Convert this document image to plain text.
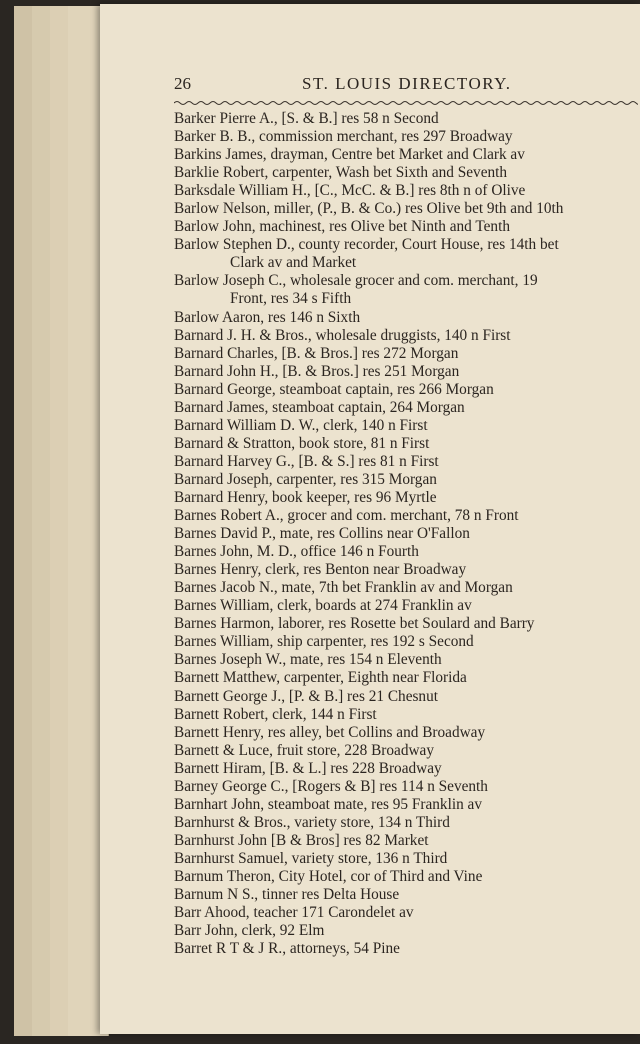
26	ST. LOUIS DIRECTORY.
Barker Pierre A., [S. & B.] res 58 n Second
Barker B. B., commission merchant, res 297 Broadway
Barkins James, drayman, Centre bet Market and Clark av
Barklie Robert, carpenter, Wash bet Sixth and Seventh
Barksdale William H., [C., McC. & B.] res 8th n of Olive
Barlow Nelson, miller, (P., B. & Co.) res Olive bet 9th and 10th
Barlow John, machinest, res Olive bet Ninth and Tenth
Barlow Stephen D., county recorder, Court House, res 14th bet
Clark av and Market
Barlow Joseph C., wholesale grocer and com. merchant, 19
Front, res 34 s Fifth
Barlow Aaron, res 146 n Sixth
Barnard J. H. & Bros., wholesale druggists, 140 n First
Barnard Charles, [B. & Bros.] res 272 Morgan
Barnard John H., [B. & Bros.] res 251 Morgan
Barnard George, steamboat captain, res 266 Morgan
Barnard James, steamboat captain, 264 Morgan
Barnard William D. W., clerk, 140 n First
Barnard & Stratton, book store, 81 n First
Barnard Harvey G., [B. & S.] res 81 n First
Barnard Joseph, carpenter, res 315 Morgan
Barnard Henry, book keeper, res 96 Myrtle
Barnes Robert A., grocer and com. merchant, 78 n Front
Barnes David P., mate, res Collins near O'Fallon
Barnes John, M. D., office 146 n Fourth
Barnes Henry, clerk, res Benton near Broadway
Barnes Jacob N., mate, 7th bet Franklin av and Morgan
Barnes William, clerk, boards at 274 Franklin av
Barnes Harmon, laborer, res Rosette bet Soulard and Barry
Barnes William, ship carpenter, res 192 s Second
Barnes Joseph W., mate, res 154 n Eleventh
Barnett Matthew, carpenter, Eighth near Florida
Barnett George J., [P. & B.] res 21 Chesnut
Barnett Robert, clerk, 144 n First
Barnett Henry, res alley, bet Collins and Broadway
Barnett & Luce, fruit store, 228 Broadway
Barnett Hiram, [B. & L.] res 228 Broadway
Barney George C., [Rogers & B] res 114 n Seventh
Barnhart John, steamboat mate, res 95 Franklin av
Barnhurst & Bros., variety store, 134 n Third
Barnhurst John [B & Bros] res 82 Market
Barnhurst Samuel, variety store, 136 n Third
Barnum Theron, City Hotel, cor of Third and Vine
Barnum N S., tinner res Delta House
Barr Ahood, teacher 171 Carondelet av
Barr John, clerk, 92 Elm
Barret R T & J R., attorneys, 54 Pine
